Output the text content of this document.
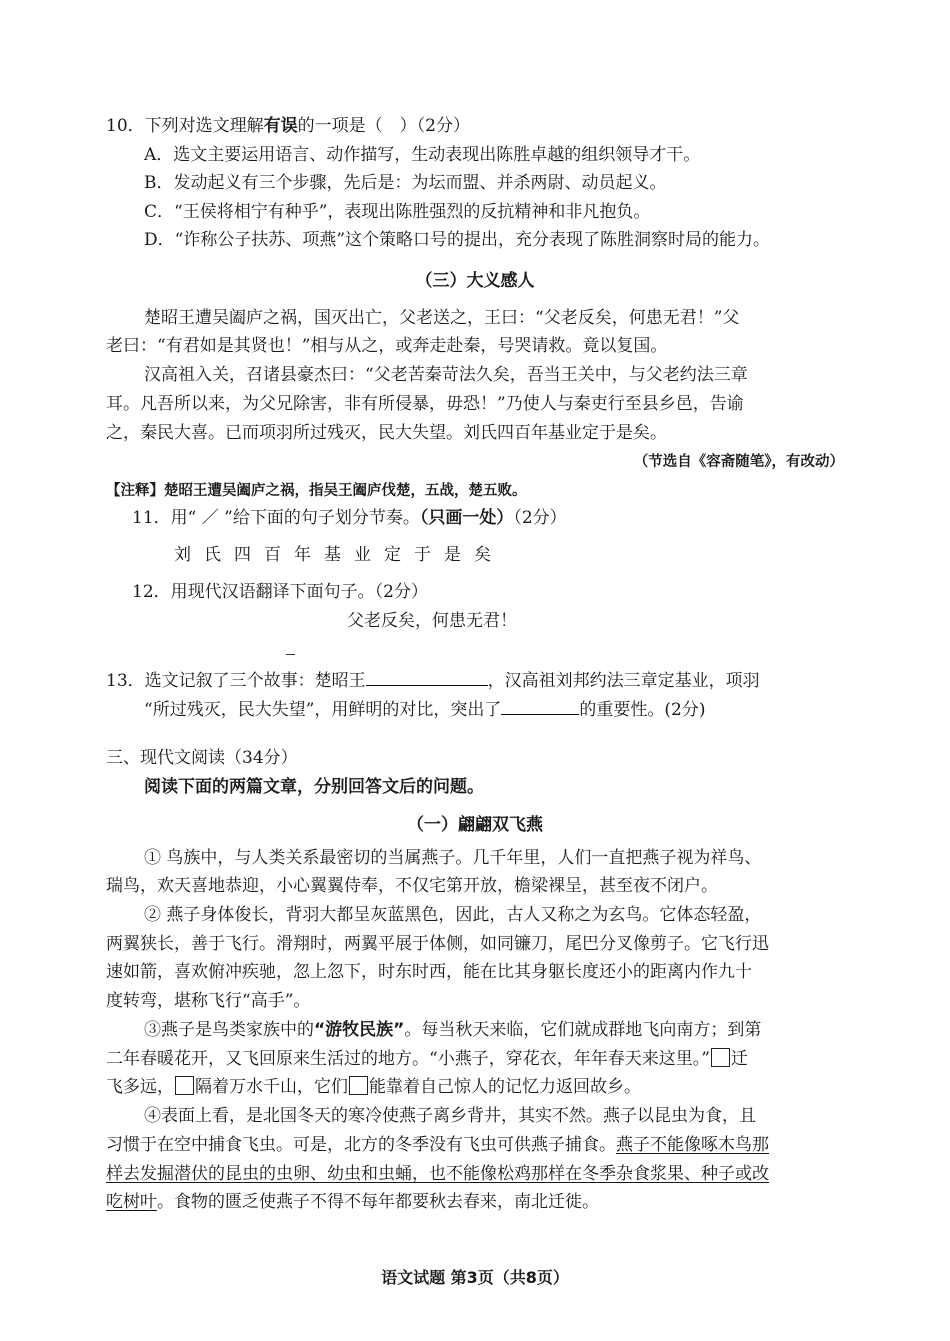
10．下列对选文理解有误的一项是（　）（2分）
A．选文主要运用语言、动作描写，生动表现出陈胜卓越的组织领导才干。
B．发动起义有三个步骤，先后是：为坛而盟、并杀两尉、动员起义。
C．“王侯将相宁有种乎”，表现出陈胜强烈的反抗精神和非凡抱负。
D．“诈称公子扶苏、项燕”这个策略口号的提出，充分表现了陈胜洞察时局的能力。
（三）大义感人
楚昭王遭吴阖庐之祸，国灭出亡，父老送之，王曰：“父老反矣，何患无君！”父
老曰：“有君如是其贤也！”相与从之，或奔走赴秦，号哭请救。竟以复国。
汉高祖入关，召诸县豪杰曰：“父老苦秦苛法久矣，吾当王关中，与父老约法三章
耳。凡吾所以来，为父兄除害，非有所侵暴，毋恐！”乃使人与秦吏行至县乡邑，告谕
之，秦民大喜。已而项羽所过残灭，民大失望。刘氏四百年基业定于是矣。
（节选自《容斋随笔》，有改动）
【注释】楚昭王遭吴阖庐之祸，指吴王阖庐伐楚，五战，楚五败。
11．用“ ／ ”给下面的句子划分节奏。（只画一处）（2分）
刘氏四百年基业定于是矣
12．用现代汉语翻译下面句子。（2分）
父老反矣，何患无君！
13．选文记叙了三个故事：楚昭王	，汉高祖刘邦约法三章定基业，项羽
“所过残灭，民大失望”，用鲜明的对比，突出了	的重要性。(2分)
三、现代文阅读（34分）
阅读下面的两篇文章，分别回答文后的问题。
（一）翩翩双飞燕
① 鸟族中，与人类关系最密切的当属燕子。几千年里，人们一直把燕子视为祥鸟、
瑞鸟，欢天喜地恭迎，小心翼翼侍奉，不仅宅第开放，檐梁裸呈，甚至夜不闭户。
② 燕子身体俊长，背羽大都呈灰蓝黑色，因此，古人又称之为玄鸟。它体态轻盈，
两翼狭长，善于飞行。滑翔时，两翼平展于体侧，如同镰刀，尾巴分叉像剪子。它飞行迅
速如箭，喜欢俯冲疾驰，忽上忽下，时东时西，能在比其身躯长度还小的距离内作九十
度转弯，堪称飞行“高手”。
③燕子是鸟类家族中的“游牧民族”。每当秋天来临，它们就成群地飞向南方；到第
二年春暖花开，又飞回原来生活过的地方。“小燕子，穿花衣，年年春天来这里。” 迁
飞多远， 隔着万水千山，它们 能靠着自己惊人的记忆力返回故乡。
④表面上看，是北国冬天的寒冷使燕子离乡背井，其实不然。燕子以昆虫为食，且
习惯于在空中捕食飞虫。可是，北方的冬季没有飞虫可供燕子捕食。燕子不能像啄木鸟那
样去发掘潜伏的昆虫的虫卵、幼虫和虫蛹，也不能像松鸡那样在冬季杂食浆果、种子或改
吃树叶。食物的匮乏使燕子不得不每年都要秋去春来，南北迁徙。
语文试题 第3页（共8页）
